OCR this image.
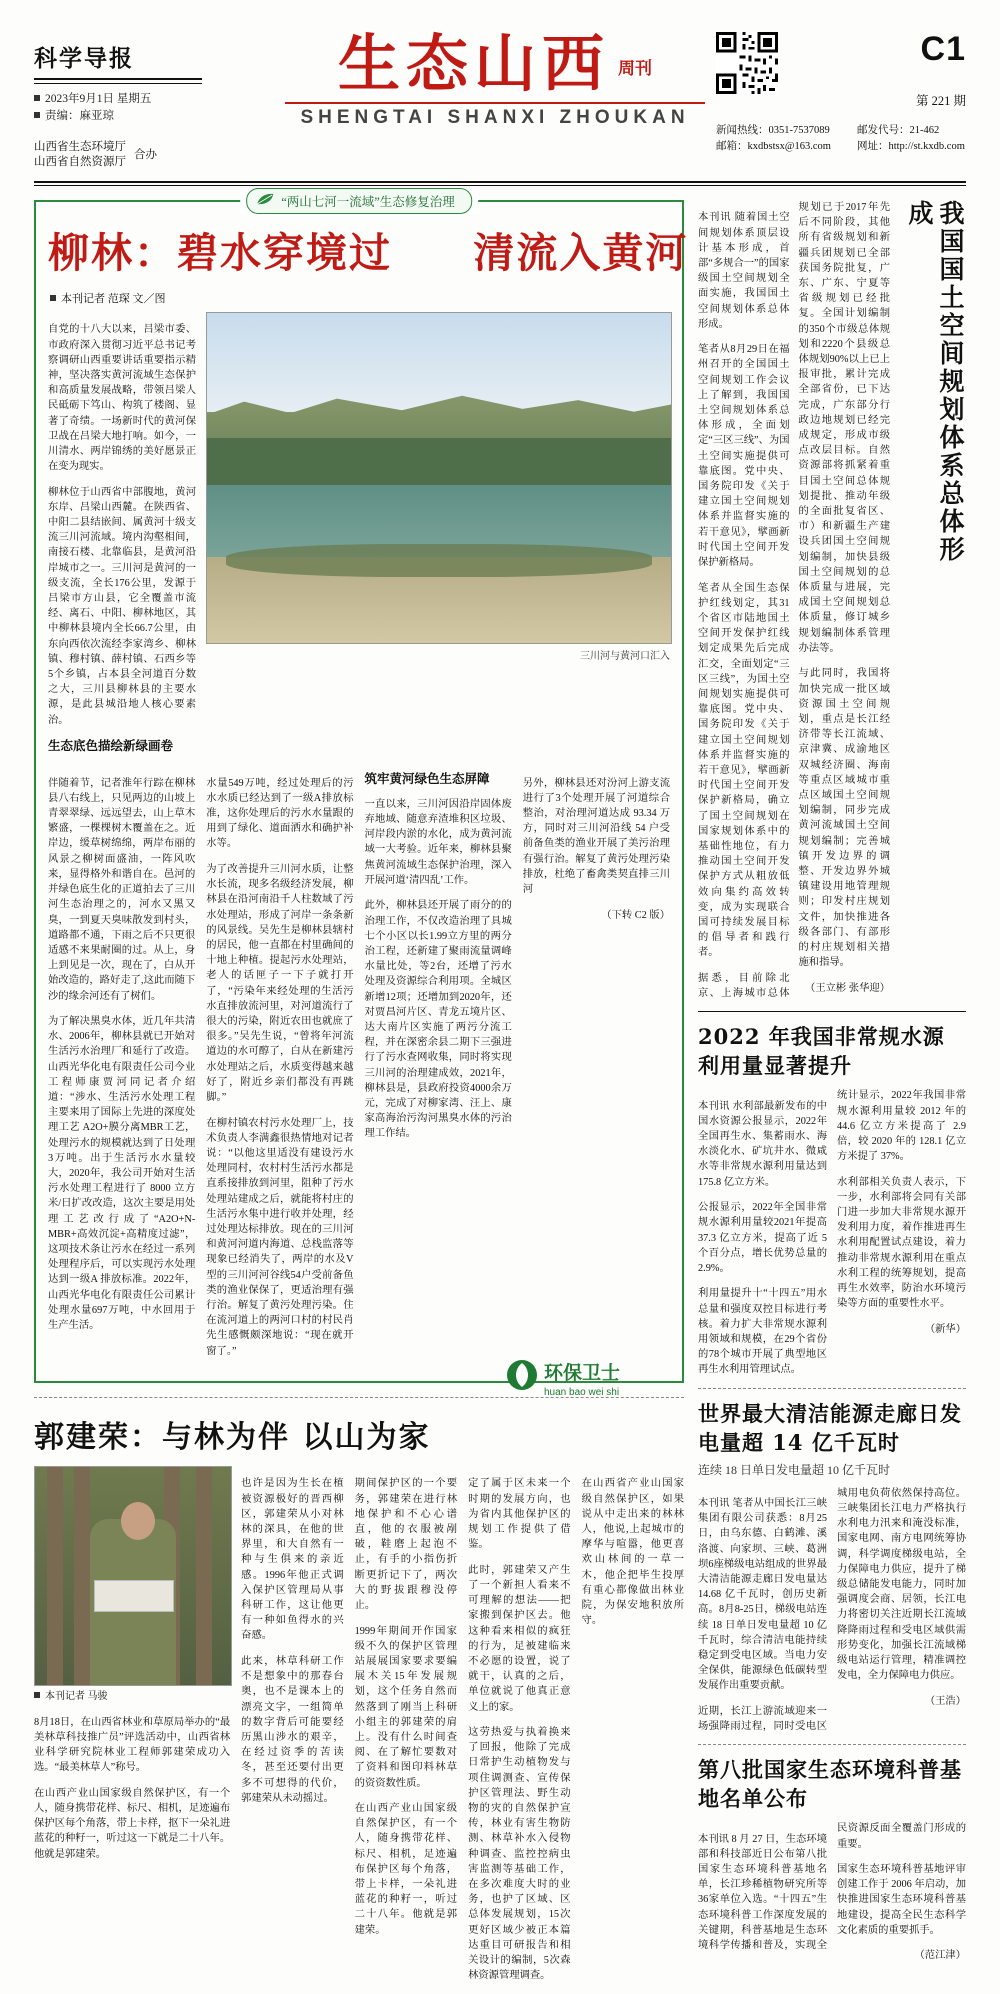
科学导报
2023年9月1日 星期五
责编：麻亚琼
山西省生态环境厅
山西省自然资源厅
合办
生态山西 周刊
SHENGTAI SHANXI ZHOUKAN
C1
第 221 期
新闻热线：0351-7537089
邮箱：kxdbstsx@163.com
邮发代号：21-462
网址：http://st.kxdb.com
“两山七河一流域”生态修复治理
柳林：碧水穿境过 清流入黄河
本刊记者 范琛 文／图

自党的十八大以来，吕梁市委、市政府深入贯彻习近平总书记考察调研山西重要讲话重要指示精神，坚决落实黄河流域生态保护和高质量发展战略，带领吕梁人民砥砺下笃山、构筑了楼阁、显著了奇绩。一场新时代的黄河保卫战在吕梁大地打响。如今，一川清水、两岸锦绣的美好愿景正在变为现实。

柳林位于山西省中部腹地，黄河东岸、吕梁山西麓。在陕西省、中阳二县结嵌间、属黄河十级支流三川河流域。境内沟壑相间，南接石楼、北靠临县，是黄河沿岸城市之一。三川河是黄河的一级支流，全长176公里，发源于吕梁市方山县，它全覆盖市流经、离石、中阳、柳林地区，其中柳林县境内全长66.7公里，由东向西依次流经李家湾乡、柳林镇、穆村镇、薛村镇、石西乡等5个乡镇，占本县全河道百分数之大，三川县柳林县的主要水源，是此县城沿地人核心要素治。

生态底色描绘新绿画卷
三川河与黄河口汇入

伴随着节，记者淮年行踪在柳林县八右线上，只见两边的山坡上青翠翠绿、远远望去，山上草木繁盛，一棵棵树木覆盖在之。近岸边，缓草树绵绵，两岸布丽的风景之柳树面盛油，一阵风吹来，显得格外和谐自在。邑河的并绿色底生化的正道拍去了三川河生态治理之的，河水又黑又臭，一到夏天臭味散发到村头，道路都不通，下雨之后不只更很适感不来果耐圈的过。从上，身上到见是一次，现在了，白从开始改造的，路好走了,这此而随下沙的缘余河还有了树们。

为了解决黑臭水体，近几年共清水、2006年，柳林县就已开始对生活污水治理厂和延行了改造。山西光华化电有限责任公司今业工程师康贾河同记者介绍道：“涉水、生活污水处理工程主要来用了国际上先进的深度处理工艺 A2O+膜分离MBR工艺，处理污水的规模就达到了日处理3万吨。出于生活污水水量较大，2020年，我公司开始对生活污水处理工程进行了 8000 立方米/日扩改改造，这次主要是用处理工艺改行成了“A2O+N-MBR+高效沉淀+高精度过滤”，这项技术条让污水在经过一系列处理程序后，可以实现污水处理达到一级A 排放标准。2022年，山西光华电化有限责任公司累计处理水量697万吨，中水回用于生产生活。

水量549万吨，经过处理后的污水水质已经达到了一级A排放标准，这你处理后的污水水量跟的用到了绿化、道面洒水和确护补水等。

为了改善提升三川河水质，让整水长流，现多名级经济发展，柳林县在沿河南沿千人柱数域了污水处理站，形成了河岸一条条新的风景线。吴先生是柳林县辖村的居民，他一直都在村里确间的十地上种植。提起污水处理站，老人的话匣子一下子就打开了，“污染年来经处理的生活污水直排放流河里，对河道流行了很大的污染，附近农田也就庶了很多。”吴先生说，“曾将年河流道边的水可醇了，白从在新建污水处理站之后，水质变得越来越好了，附近乡亲们都没有再跳脚。”

在柳村镇农村污水处理厂上，技术负责人李满鑫很热情地对记者说：“以他这里适没有建设污水处理同村，农村村生活污水都是直系接排放到河里，阻种了污水处理站建成之后，就能将村庄的生活污水集中进行收并处理，经过处理达标排放。现在的三川河和黄河河道内海道、总栈监落等现象已经消失了，两岸的水及V型的三川河河谷线54户受前备鱼类的渔业保保了，更适治理有强行治。解复了黄污处理污染。住在流河道上的两河口村的村民肖先生感慨颇深地说：“现在就开窗了。”

筑牢黄河绿色生态屏障

一直以来，三川河因沿岸固体废弃地域、随意弃渣堆积区垃圾、河岸段内淤的水化，成为黄河流域一大考验。近年来，柳林县聚焦黄河流域生态保护治理，深入开展河道‘清四乱’工作。

此外，柳林县还开展了雨分的的治理工作，不仅改造治理了具城七个小区以长1.99立方里的两分治工程，还新建了聚雨流量调峰水量比处，等2台，还增了污水处理及资源综合利用项。全城区新增12项；还增加到2020年，还对贾昌河片区、青龙五境片区、达大南片区实施了两污分流工程，并在深密余县二期下三强进行了污水查网收集，同时将实现三川河的治理建成效，2021年，柳林县是，县政府投资4000余万元，完成了对柳家湾、汪上、康家高海治污沟河黑臭水体的污治理工作结。

另外，柳林县还对汾河上游支流进行了3个处理开展了河道综合整治，对治理河道达成 93.34 万方，同时对三川河沿线 54 户受前备鱼类的渔业开展了美污治理有强行治。解复了黄污处理污染排放，杜绝了畜禽类契直排三川河

（下转 C2 版）
郭建荣：与林为伴 以山为家
本刊记者 马骏

8月18日，在山西省林业和草原局举办的“最美林草科技推广员”评选活动中，山西省林业科学研究院林业工程师郭建荣成功入选。“最美林草人”称号。

在山西产业山国家级自然保护区，有一个人，随身携带花样、标尺、相机，足迹遍布保护区每个角落，带上卡样，抠下一朵礼进蓝花的种籽一，听过这一下就是二十八年。他就是郭建荣。

也许是因为生长在植被资源极好的晋西柳区，郭建荣从小对林林的深具，在他的世界里，和大自然有一种与生俱来的亲近感。1996年他正式调入保护区管理局从事科研工作，这让他更有一种如鱼得水的兴奋感。

此来，林草科研工作不是想象中的那春台奥，也不是课本上的漂亮文字，一组简单的数字背后可能要经历黑山涉水的艰辛，在经过资季的苦读冬，甚至还要付出更多不可想得的代价，郭建荣从未动摇过。

期间保护区的一个要务，郭建荣在进行林地保护和不心心谱直，他的衣服被剐破，鞋磨上起泡不止，有手的小指伤折断更折记下了，两次大的野拔跟穆没停止。

1999年期间开作国家级不久的保护区管理站展展国家要求要编展木关15年发展规划，这个任务自然而然落到了刚当上科研小组主的郭建荣的肩上。没有什么时间查阅、在了解忙要数对了资料和图印料林草的资资数性质。

在山西产业山国家级自然保护区，有一个人，随身携带花样、标尺、相机，足迹遍布保护区每个角落，带上卡样，一朵礼进蓝花的种籽一，听过二十八年。他就是郭建荣。

定了属于区未来一个时期的发展方向，也为省内其他保护区的规划工作提供了借鉴。

此时，郭建荣又产生了一个新担人看来不可理解的想法——把家搬到保护区去。他这种看来相似的疯狂的行为，足被建临来不必愿的设置，说了就干，认真的之后，单位就说了他真正意义上的家。

这劳热爱与执着换来了回报，他除了完成日常护生动植物发与项住调测查、宣传保护区管理法、野生动物的灾的自然保护宣传，林业有害生物防测、林草补水入侵物种调查、监控控病虫害监测等基础工作，在多次难度大时的业务，也护了区域、区总体发展规划，15次更好区域少被正本篇达重目可研报告和相关设计的编制，5次森林资源管理调查。

在山西省产业山国家级自然保护区，如果说从中走出来的林林人，他说,上起城市的摩华与喧嚣，他更喜欢山林间的一草一木，他企把毕生投厚有重心都像做出林业院，为保安地积放所守。

环保卫士
huan bao wei shi

本刊讯 随着国土空间规划体系顶层设计基本形成，首部“多规合一”的国家级国土空间规划全面实施，我国国土空间规划体系总体形成。

笔者从8月29日在福州召开的全国国土空间规划工作会议上了解到，我国国土空间规划体系总体形成，全面划定“三区三线”、为国土空间实施提供可靠底图。党中央、国务院印发《关于建立国土空间规划体系并监督实施的若干意见》，擘画新时代国土空间开发保护新格局。

笔者从全国生态保护红线划定，其31个省区市陆地国土空间开发保护红线划定成果先后完成汇交，全面划定“三区三线”，为国土空间规划实施提供可靠底图。党中央、国务院印发《关于建立国土空间规划体系并监督实施的若干意见》，擘画新时代国土空间开发保护新格局，确立了国土空间规划在国家规划体系中的基础性地位，有力推动国土空间开发保护方式从粗放低效向集约高效转变，成为实现联合国可持续发展目标的倡导者和践行者。

据悉，目前除北京、上海城市总体规划已于2017年先后不同阶段，其他所有省级规划和新疆兵团规划已全部获国务院批复，广东、广东、宁夏等省级规划已经批复。全国计划编制的350个市级总体规划和2220个县级总体规划90%以上已上报审批，累计完成全部省份，已下达完成，广东部分行政边地规划已经完成规定，形成市级点改层目标。自然资源部将抓紧着重目国土空间总体规划提批、推动年级的全面批复省区、市）和新疆生产建设兵团国土空间规划编制，加快县级国土空间规划的总体质量与进展，完成国土空间规划总体质量，修订城乡规划编制体系管理办法等。

与此同时，我国将加快完成一批区域资源国土空间规划，重点是长江经济带等长江流域、京津冀、成渝地区双城经济圈、海南等重点区域城市重点区域国土空间规划编制，同步完成黄河流域国土空间规划编制；完善城镇开发边界的调整、开发边界外城镇建设用地管理规则；印发村庄规划文件，加快推进各级各部门、有部形的村庄规划相关措施和指导。

（王立彬 张华迎）
我国国土空间规划体系总体形成
2022 年我国非常规水源利用量显著提升

本刊讯 水利部最新发布的中国水资源公报显示，2022年全国再生水、集蓄雨水、海水淡化水、矿坑井水、微咸水等非常规水源利用量达到 175.8 亿立方米。

公报显示，2022年全国非常规水源利用量较2021年提高 37.3 亿立方米，提高了近 5 个百分点，增长优势总量的 2.9%。

利用量提升十“十四五”用水总量和强度双控目标进行考核。着力扩大非常规水源利用领域和规模，在29个省份的78个城市开展了典型地区再生水利用管理试点。

统计显示，2022年我国非常规水源利用量较 2012 年的 44.6 亿立方米提高了 2.9 倍，较 2020 年的 128.1 亿立方米提了 37%。

水利部相关负责人表示，下一步，水利部将会同有关部门进一步加大非常规水源开发利用力度，着作推进再生水利用配置试点建设，着力推动非常规水源利用在重点水利工程的统筹规划，提高再生水效率，防治水环境污染等方面的重要性水平。

（新华）
世界最大清洁能源走廊日发电量超 14 亿千瓦时
连续 18 日单日发电量超 10 亿千瓦时

本刊讯 笔者从中国长江三峡集团有限公司获悉：8月25日，由乌东德、白鹤滩、溪洛渡、向家坝、三峡、葛洲坝6座梯级电站组成的世界最大清洁能源走廊日发电量达 14.68 亿千瓦时，创历史新高。8月8-25日，梯级电站连续 18 日单日发电量超 10 亿千瓦时，综合清洁电能持续稳定到受电区域。当电力安全保供，能源绿色低碳转型发展作出重要贡献。

近期，长江上游流域迎来一场强降雨过程，同时受电区城用电负荷依然保持高位。三峡集团长江电力严格执行水利电力汛来和淹没标准，国家电网、南方电网统筹协调，科学调度梯级电站，全力保障电力供应，提升了梯级总储能发电能力，同时加强调度会商、居领，长江电力将密切关注近期长江流域降降雨过程和受电区域供需形势变化，加强长江流域梯级电站运行管理，精准调控发电，全力保障电力供应。

（王浩）
第八批国家生态环境科普基地名单公布

本刊讯 8 月 27 日，生态环境部和科技部近日公布第八批国家生态环境科普基地名单，长江珍稀植物研究所等36家单位入选。“十四五”生态环境科普工作深度发展的关键期，科普基地是生态环境科学传播和普及，实现全民资源反面全覆盖门形成的重要。

国家生态环境科普基地评审创建工作于 2006 年启动，加快推进国家生态环境科普基地建设，提高全民生态科学文化素质的重要抓手。

（范江津）
